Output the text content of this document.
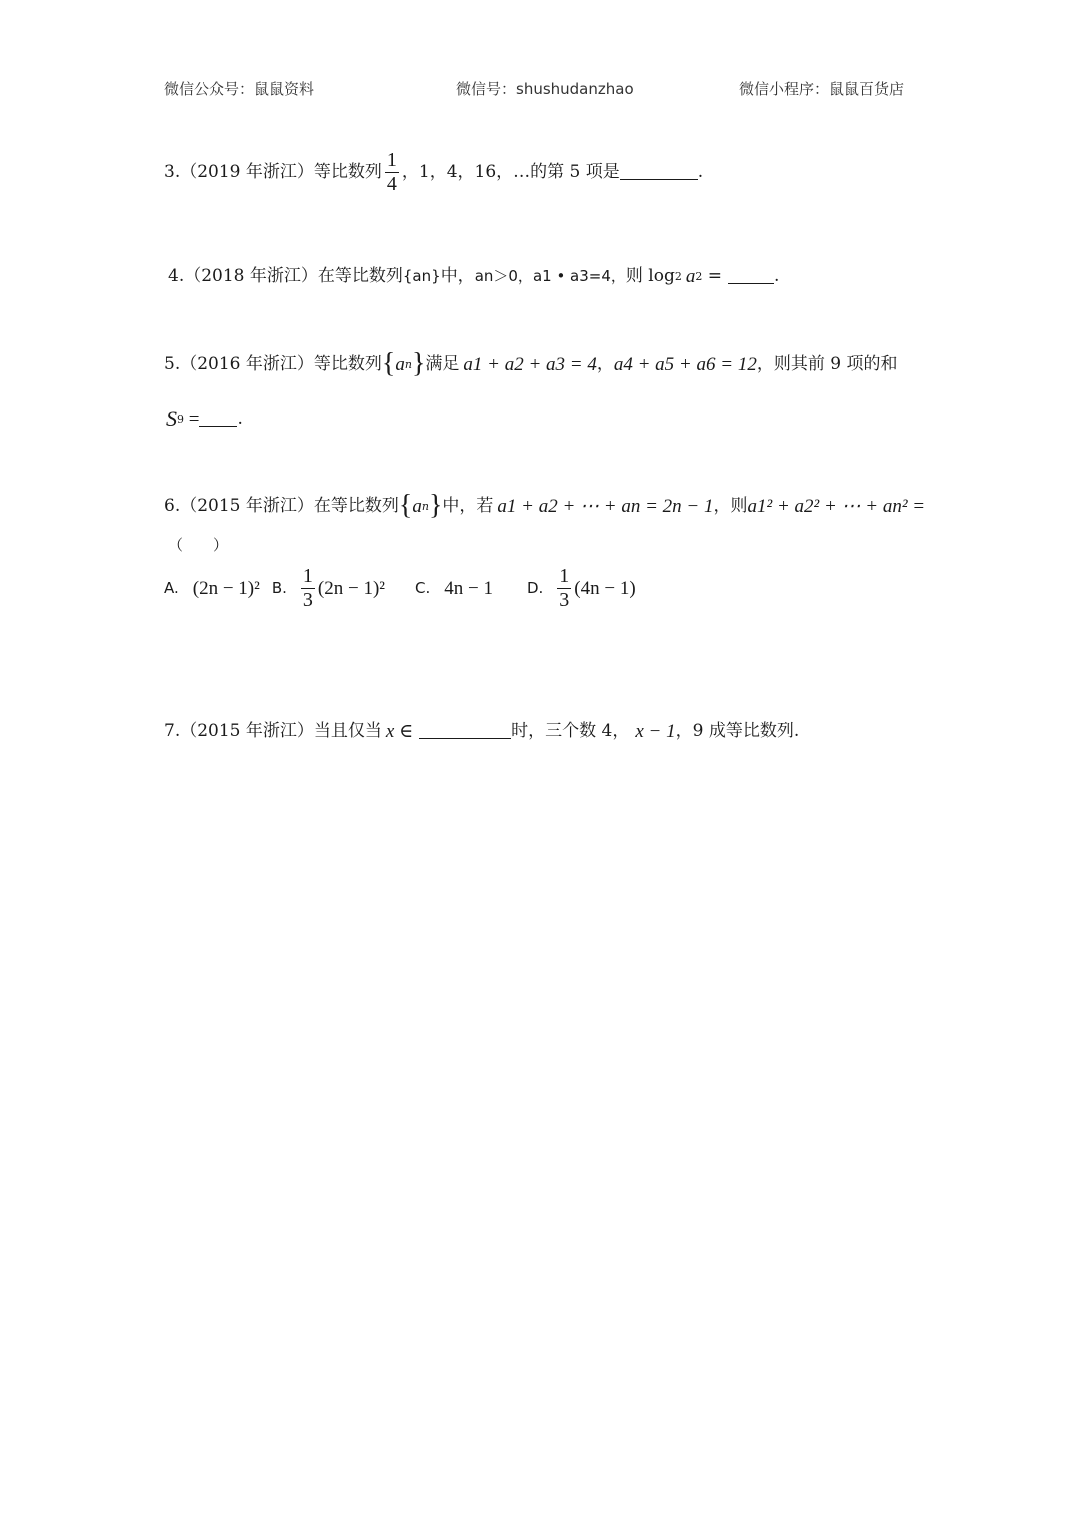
微信公众号：鼠鼠资料	微信号：shushudanzhao	微信小程序：鼠鼠百货店
3.（2019 年浙江）等比数列 $\frac{1}{4}$ ，1，4，16，…的第 5 项是	.
4.（2018 年浙江）在等比数列 {an} 中， an＞0， a1 • a3=4， 则 log 2 a 2 =	.
5.（2016 年浙江）等比数列 { a n } 满足 a1 + a2 + a3 = 4 ， a4 + a5 + a6 = 12 ，则其前 9 项的和
S 9 = .
6.（2015 年浙江）在等比数列 { a n } 中，若 a1 + a2 + ⋯ + an = 2n − 1 ，则 a1² + a2² + ⋯ + an² =
（　　）
A. (2n − 1)² B. $\frac{1}{3} (2n - 1)^2$ C. 4n − 1 D. $\frac{1}{3} (4n - 1)$
7.（2015 年浙江）当且仅当 x ∈	时，三个数 4， x − 1 ，9 成等比数列.
